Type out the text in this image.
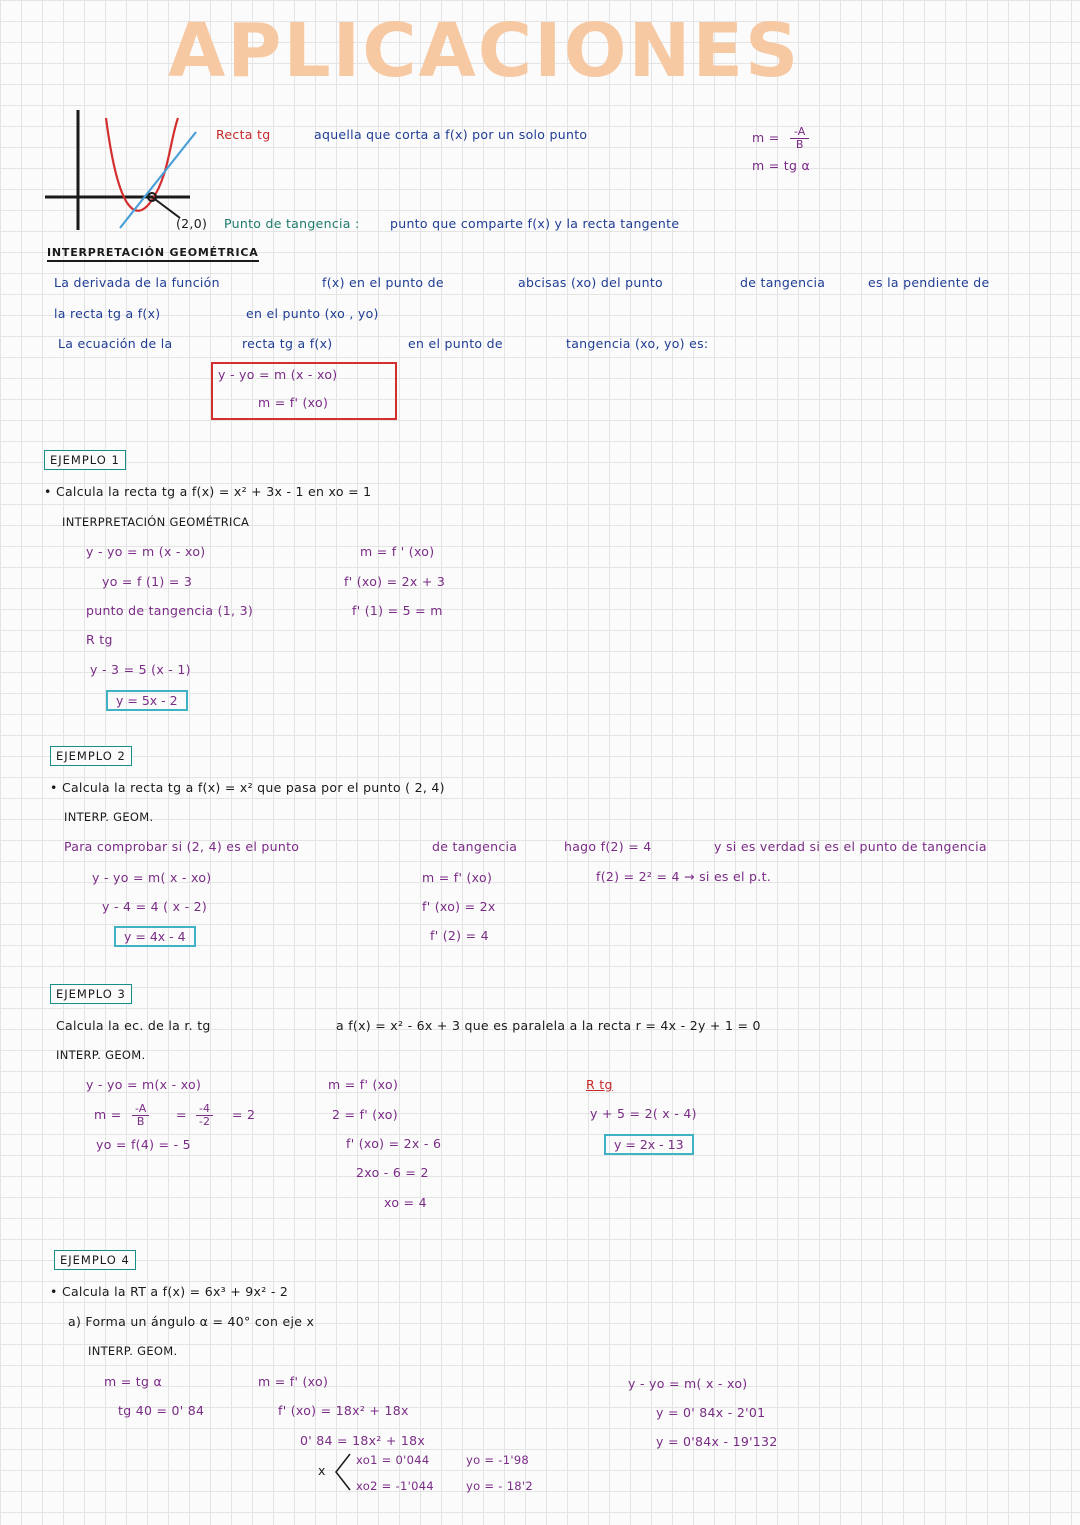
APLICACIONES
Recta tg	aquella que corta a f(x) por un solo punto	$m = \frac{-A}{B}$
m = tg α
(2,0) Punto de tangencia : punto que comparte f(x) y la recta tangente
INTERPRETACIÓN GEOMÉTRICA
La derivada de la función	f(x) en el punto de	abcisas (xo) del punto	de tangencia	es la pendiente de
la recta tg a f(x)	en el punto (xo , yo)
La ecuación de la	recta tg a f(x)	en el punto de	tangencia (xo, yo) es:
y - yo = m (x - xo)
m = f' (xo)
EJEMPLO 1
• Calcula la recta tg a f(x) = x² + 3x - 1 en xo = 1
INTERPRETACIÓN GEOMÉTRICA
y - yo = m (x - xo)
yo = f (1) = 3
punto de tangencia (1, 3)
R tg
y - 3 = 5 (x - 1)
y = 5x - 2
m = f ' (xo)
f' (xo) = 2x + 3
f' (1) = 5 = m
EJEMPLO 2
• Calcula la recta tg a f(x) = x² que pasa por el punto ( 2, 4)
INTERP. GEOM.
Para comprobar si (2, 4) es el punto	de tangencia	hago f(2) = 4	y si es verdad si es el punto de tangencia
f(2) = 2² = 4 → si es el p.t.
y - yo = m( x - xo)
y - 4 = 4 ( x - 2)
y = 4x - 4
m = f' (xo)
f' (xo) = 2x
f' (2) = 4
EJEMPLO 3
Calcula la ec. de la r. tg	a f(x) = x² - 6x + 3 que es paralela a la recta r = 4x - 2y + 1 = 0
INTERP. GEOM.
y - yo = m(x - xo)
$m = \frac{-A}{B} = \frac{-4}{-2} = 2$
yo = f(4) = - 5
m = f' (xo)
2 = f' (xo)
f' (xo) = 2x - 6
2xo - 6 = 2
xo = 4
R tg
y + 5 = 2( x - 4)
y = 2x - 13
EJEMPLO 4
• Calcula la RT a f(x) = 6x³ + 9x² - 2
a) Forma un ángulo α = 40° con eje x
INTERP. GEOM.
m = tg α
tg 40 = 0' 84
m = f' (xo)
f' (xo) = 18x² + 18x
0' 84 = 18x² + 18x
x
xo1 = 0'044
xo2 = -1'044
yo = -1'98
yo = - 18'2
y - yo = m( x - xo)
y = 0' 84x - 2'01
y = 0'84x - 19'132
